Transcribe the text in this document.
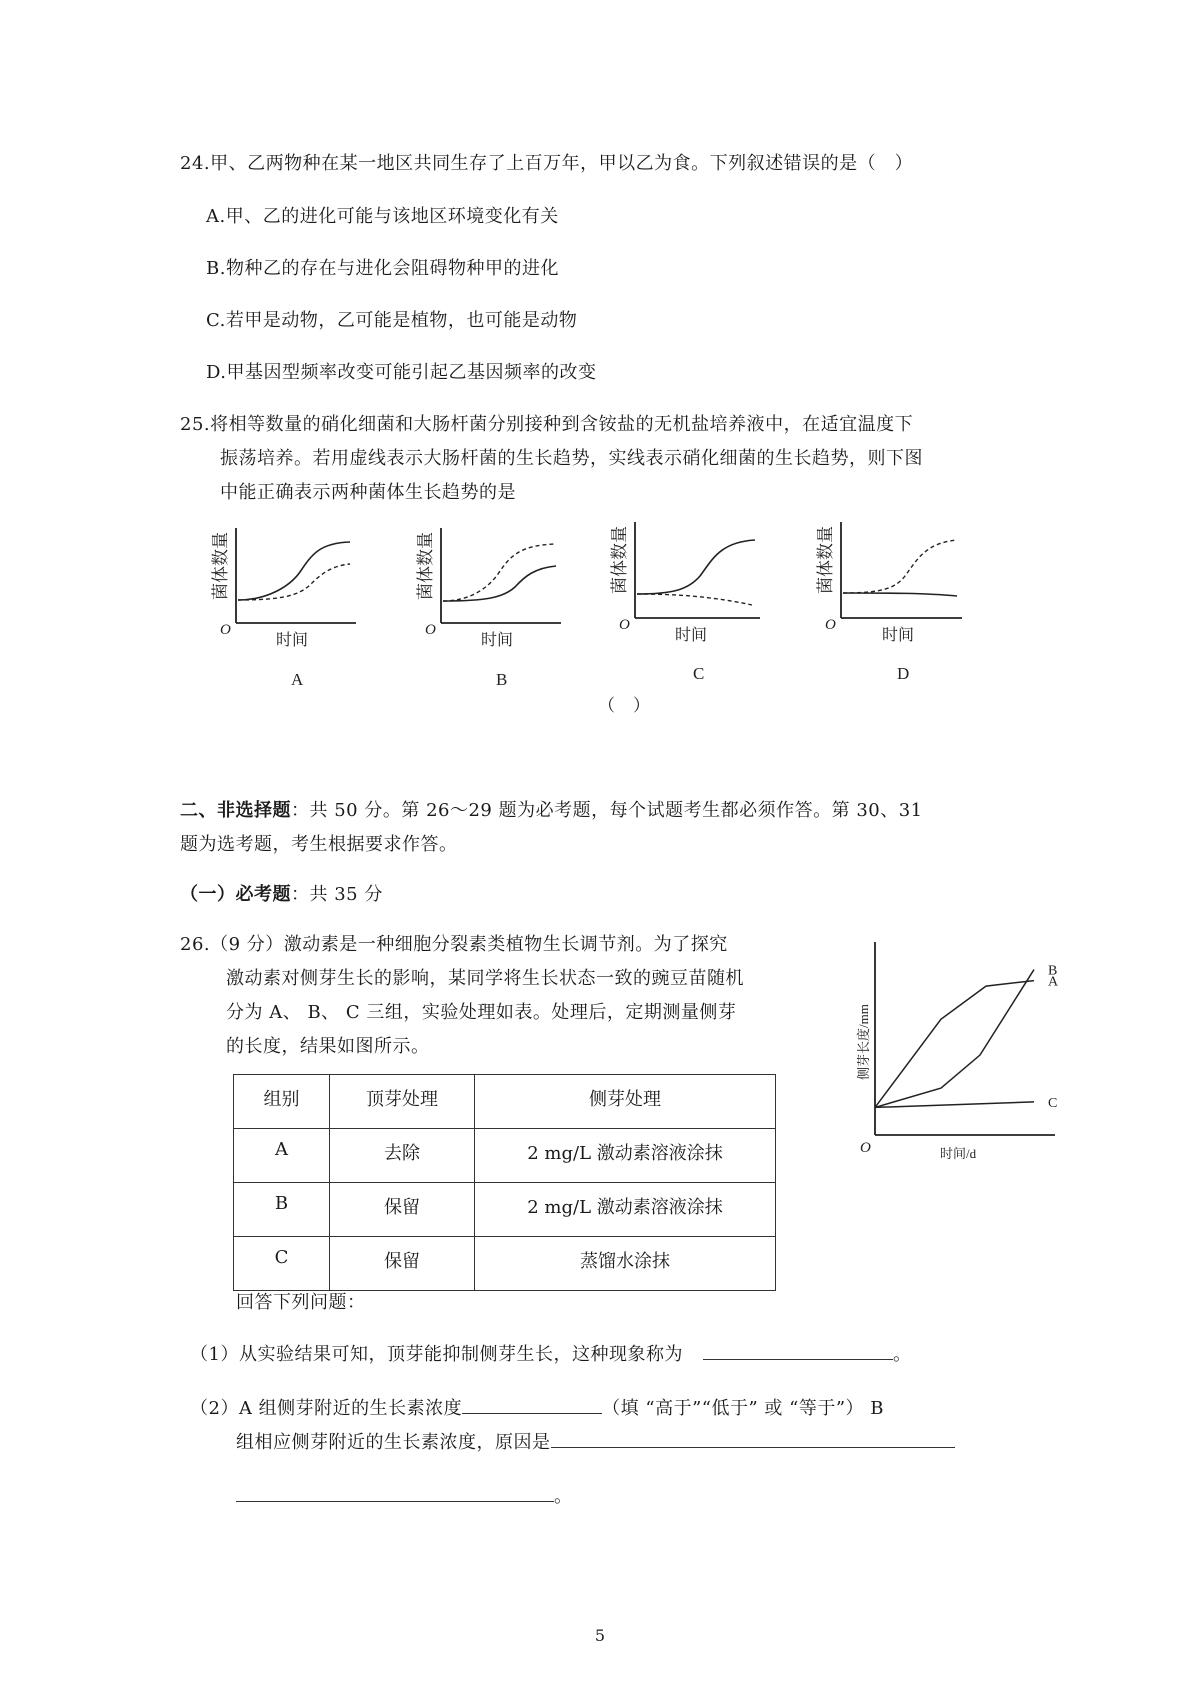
24.甲、乙两物种在某一地区共同生存了上百万年，甲以乙为食。下列叙述错误的是（　）
A.甲、乙的进化可能与该地区环境变化有关
B.物种乙的存在与进化会阻碍物种甲的进化
C.若甲是动物，乙可能是植物，也可能是动物
D.甲基因型频率改变可能引起乙基因频率的改变
25.将相等数量的硝化细菌和大肠杆菌分别接种到含铵盐的无机盐培养液中，在适宜温度下
振荡培养。若用虚线表示大肠杆菌的生长趋势，实线表示硝化细菌的生长趋势，则下图
中能正确表示两种菌体生长趋势的是
菌体数量
O
时间
A
菌体数量
O
时间
B
菌体数量
O
时间
C
菌体数量
O
时间
D
（　）
二、非选择题：共 50 分。第 26～29 题为必考题，每个试题考生都必须作答。第 30、31
题为选考题，考生根据要求作答。
（一）必考题：共 35 分
26.（9 分）激动素是一种细胞分裂素类植物生长调节剂。为了探究
激动素对侧芽生长的影响，某同学将生长状态一致的豌豆苗随机
分为 A、 B、 C 三组，实验处理如表。处理后，定期测量侧芽
的长度，结果如图所示。	侧芽长度/mm
时间/d
O
A
B
C
组别	顶芽处理	侧芽处理
A	去除	2 mg/L 激动素溶液涂抹
B	保留	2 mg/L 激动素溶液涂抹
C	保留	蒸馏水涂抹
回答下列问题：
（1）从实验结果可知，顶芽能抑制侧芽生长，这种现象称为	。
（2）A 组侧芽附近的生长素浓度	（填 “高于”“低于” 或 “等于”） B
组相应侧芽附近的生长素浓度，原因是
。
5
